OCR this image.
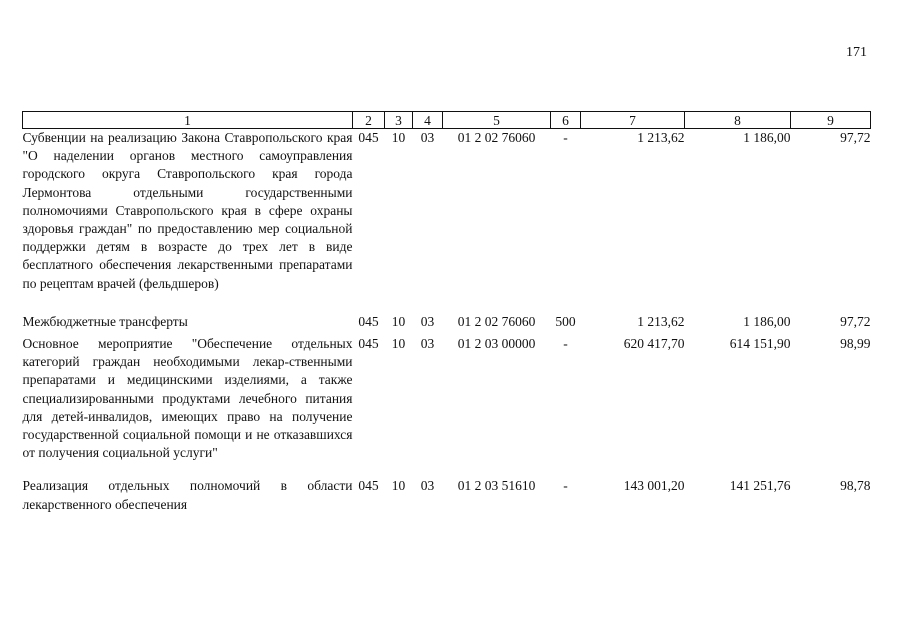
171
1	2	3	4	5	6	7	8	9
Субвенции на реализацию Закона Ставропольского края "О наделении органов местного самоуправления городского округа Ставропольского края города Лермонтова отдельными государственными полномочиями Ставропольского края в сфере охраны здоровья граждан" по предоставлению мер социальной поддержки детям в возрасте до трех лет в виде бесплатного обеспечения лекарственными препаратами по рецептам врачей (фельдшеров)	045	10	03	01 2 02 76060	-	1 213,62	1 186,00	97,72
Межбюджетные трансферты	045	10	03	01 2 02 76060	500	1 213,62	1 186,00	97,72
Основное мероприятие "Обеспечение отдельных категорий граждан необходимыми лекар-ственными препаратами и медицинскими изделиями, а также специализированными продуктами лечебного питания для детей-инвалидов, имеющих право на получение государственной социальной помощи и не отказавшихся от получения социальной услуги"	045	10	03	01 2 03 00000	-	620 417,70	614 151,90	98,99
Реализация отдельных полномочий в области лекарственного обеспечения	045	10	03	01 2 03 51610	-	143 001,20	141 251,76	98,78
